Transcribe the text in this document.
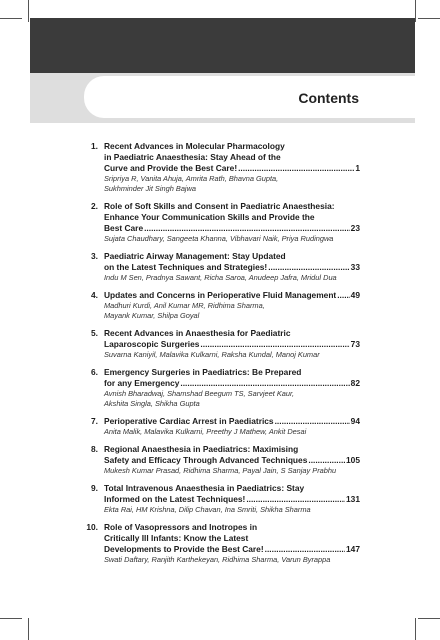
Contents
1. Recent Advances in Molecular Pharmacology
in Paediatric Anaesthesia: Stay Ahead of the
Curve and Provide the Best Care! .....	1
Sripriya R, Vanita Ahuja, Amrita Rath, Bhavna Gupta,
Sukhminder Jit Singh Bajwa
2. Role of Soft Skills and Consent in Paediatric Anaesthesia:
Enhance Your Communication Skills and Provide the
Best Care .....	23
Sujata Chaudhary, Sangeeta Khanna, Vibhavari Naik, Priya Rudingwa
3. Paediatric Airway Management: Stay Updated
on the Latest Techniques and Strategies! .....	33
Indu M Sen, Pradnya Sawant, Richa Saroa, Anudeep Jafra, Mridul Dua
4. Updates and Concerns in Perioperative Fluid Management ..... 49
Madhuri Kurdi, Anil Kumar MR, Ridhima Sharma,
Mayank Kumar, Shilpa Goyal
5. Recent Advances in Anaesthesia for Paediatric
Laparoscopic Surgeries .....	73
Suvarna Kaniyil, Malavika Kulkarni, Raksha Kundal, Manoj Kumar
6. Emergency Surgeries in Paediatrics: Be Prepared
for any Emergency .....	82
Avnish Bharadwaj, Shamshad Beegum TS, Sarvjeet Kaur,
Akshita Singla, Shikha Gupta
7. Perioperative Cardiac Arrest in Paediatrics .....	94
Anita Malik, Malavika Kulkarni, Preethy J Mathew, Ankit Desai
8. Regional Anaesthesia in Paediatrics: Maximising
Safety and Efficacy Through Advanced Techniques .....	105
Mukesh Kumar Prasad, Ridhima Sharma, Payal Jain, S Sanjay Prabhu
9. Total Intravenous Anaesthesia in Paediatrics: Stay
Informed on the Latest Techniques! .....	131
Ekta Rai, HM Krishna, Dilip Chavan, Ina Smriti, Shikha Sharma
10. Role of Vasopressors and Inotropes in
Critically Ill Infants: Know the Latest
Developments to Provide the Best Care! .....	147
Swati Daftary, Ranjith Karthekeyan, Ridhima Sharma, Varun Byrappa
